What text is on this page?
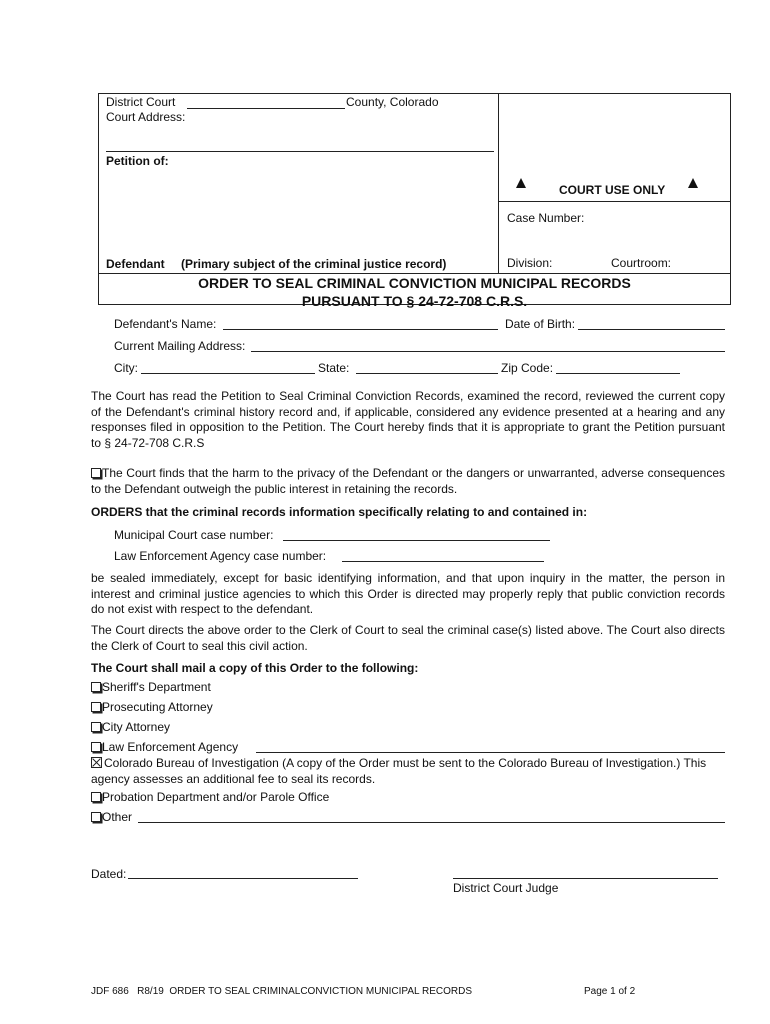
District Court	County, Colorado
Court Address:
Petition of:
Defendant (Primary subject of the criminal justice record)
COURT USE ONLY
Case Number:
Division:	Courtroom:
ORDER TO SEAL CRIMINAL CONVICTION MUNICIPAL RECORDS
PURSUANT TO § 24-72-708 C.R.S.
Defendant's Name:	Date of Birth:
Current Mailing Address:
City:	State:	Zip Code:
The Court has read the Petition to Seal Criminal Conviction Records, examined the record, reviewed the current copy of the Defendant's criminal history record and, if applicable, considered any evidence presented at a hearing and any responses filed in opposition to the Petition. The Court hereby finds that it is appropriate to grant the Petition pursuant to § 24-72-708 C.R.S
The Court finds that the harm to the privacy of the Defendant or the dangers or unwarranted, adverse consequences to the Defendant outweigh the public interest in retaining the records.
ORDERS that the criminal records information specifically relating to and contained in:
Municipal Court case number:
Law Enforcement Agency case number:
be sealed immediately, except for basic identifying information, and that upon inquiry in the matter, the person in interest and criminal justice agencies to which this Order is directed may properly reply that public conviction records do not exist with respect to the defendant.
The Court directs the above order to the Clerk of Court to seal the criminal case(s) listed above. The Court also directs the Clerk of Court to seal this civil action.
The Court shall mail a copy of this Order to the following:
Sheriff's Department
Prosecuting Attorney
City Attorney
Law Enforcement Agency
Colorado Bureau of Investigation (A copy of the Order must be sent to the Colorado Bureau of Investigation.) This agency assesses an additional fee to seal its records.
Probation Department and/or Parole Office
Other
Dated:
District Court Judge
JDF 686   R8/19  ORDER TO SEAL CRIMINALCONVICTION MUNICIPAL RECORDS	Page 1 of 2
